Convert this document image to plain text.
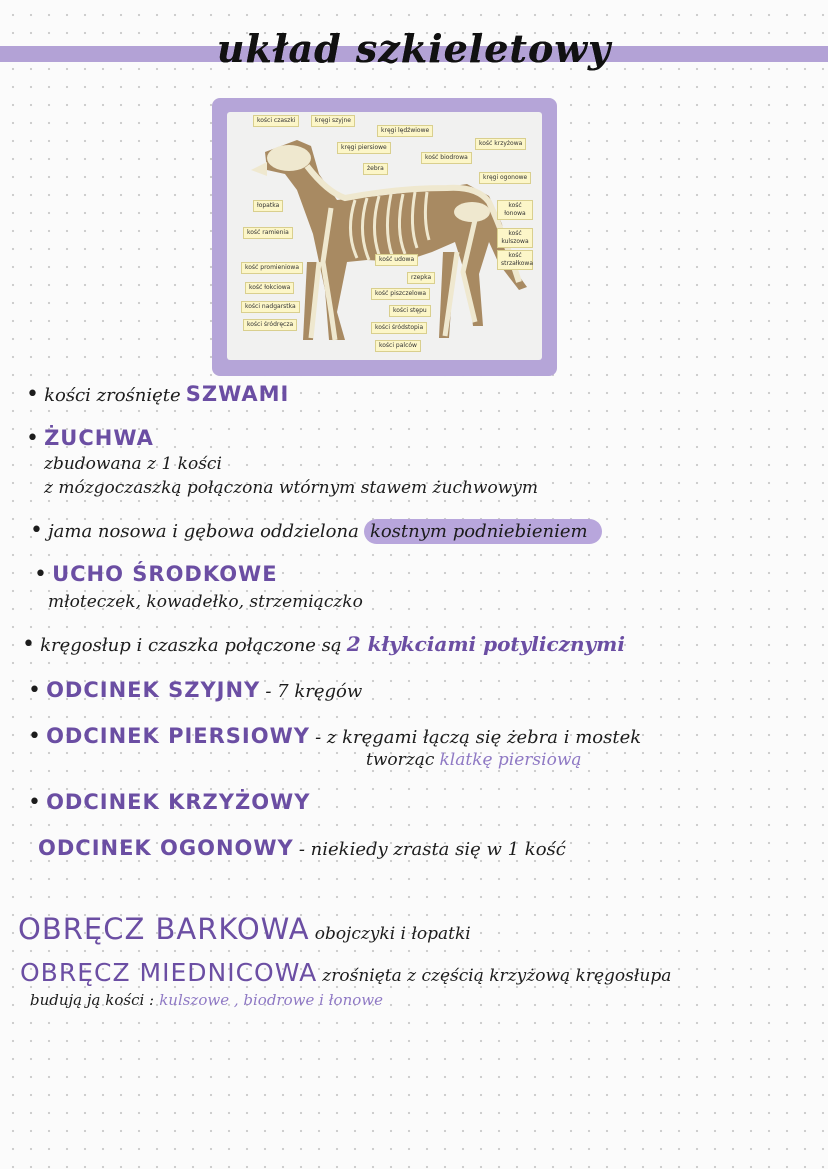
układ szkieletowy
kości czaszki	kręgi szyjne
kręgi lędźwiowe
kość krzyżowa
kręgi piersiowe
kość biodrowa
żebra
kręgi ogonowe
łopatka	kość łonowa
kość ramienia	kość kulszowa
kość strzałkowa
kość promieniowa
kość udowa
rzepka
kość łokciowa
kość piszczelowa
kości nadgarstka
kości stępu
kości śródręcza	kości śródstopia
kości palców
• kości zrośnięte SZWAMI
• ŻUCHWA
zbudowana z 1 kości
z mózgoczaszką połączona wtórnym stawem żuchwowym
• jama nosowa i gębowa oddzielona kostnym podniebieniem
• UCHO ŚRODKOWE
młoteczek, kowadełko, strzemiączko
• kręgosłup i czaszka połączone są 2 kłykciami potylicznymi
• ODCINEK SZYJNY - 7 kręgów
• ODCINEK PIERSIOWY - z kręgami łączą się żebra i mostek
tworząc klatkę piersiową
• ODCINEK KRZYŻOWY
ODCINEK OGONOWY - niekiedy zrasta się w 1 kość
OBRĘCZ BARKOWA obojczyki i łopatki
OBRĘCZ MIEDNICOWA zrośnięta z częścią krzyżową kręgosłupa
budują ją kości : kulszowe , biodrowe i łonowe
